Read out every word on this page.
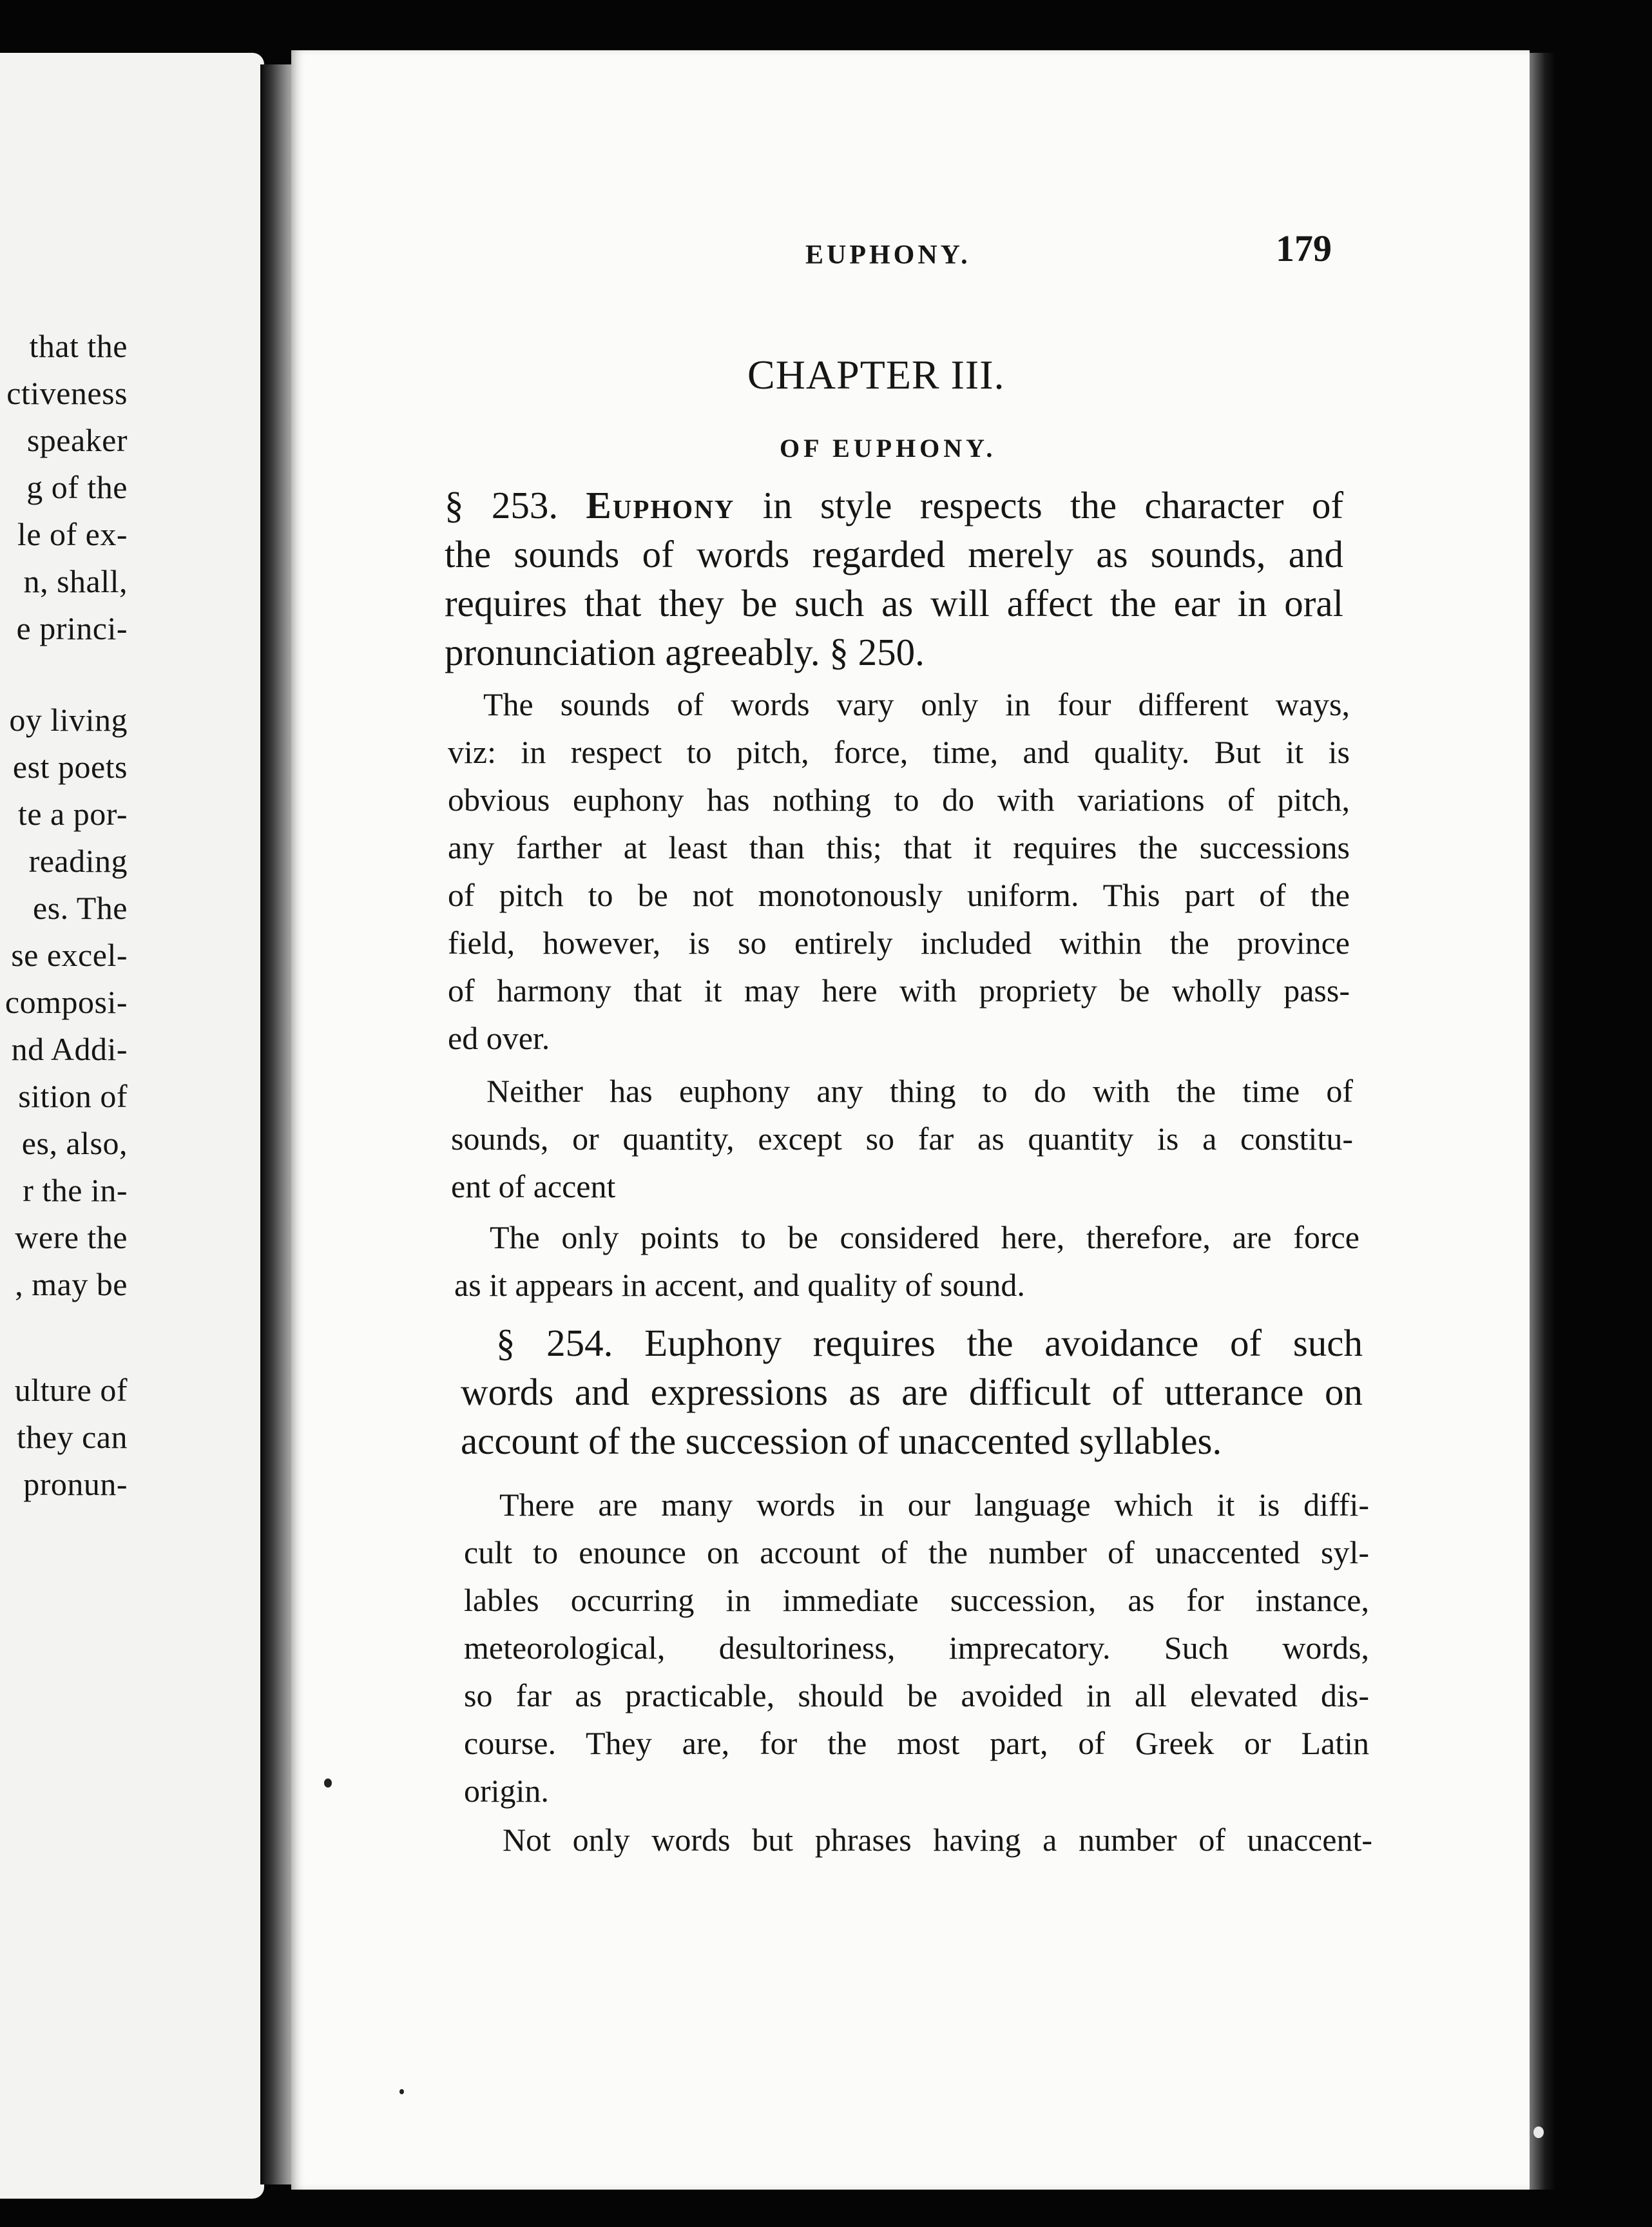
that the

ctiveness

speaker

g of the

le of ex-

n, shall,

e princi-

oy living

est poets

te a por-

reading

es. The

se excel-

composi-

nd Addi-

sition of

es, also,

r the in-

were the

, may be

ulture of

they can

pronun-

EUPHONY.	179

CHAPTER III.
OF EUPHONY.

§ 253. Euphony in style respects the character of

the sounds of words regarded merely as sounds, and

requires that they be such as will affect the ear in oral

pronunciation agreeably. § 250.

The sounds of words vary only in four different ways,

viz: in respect to pitch, force, time, and quality. But it is

obvious euphony has nothing to do with variations of pitch,

any farther at least than this; that it requires the successions

of pitch to be not monotonously uniform. This part of the

field, however, is so entirely included within the province

of harmony that it may here with propriety be wholly pass-

ed over.

Neither has euphony any thing to do with the time of

sounds, or quantity, except so far as quantity is a constitu-

ent of accent

The only points to be considered here, therefore, are force

as it appears in accent, and quality of sound.

§ 254. Euphony requires the avoidance of such

words and expressions as are difficult of utterance on

account of the succession of unaccented syllables.

There are many words in our language which it is diffi-

cult to enounce on account of the number of unaccented syl-

lables occurring in immediate succession, as for instance,

meteorological, desultoriness, imprecatory. Such words,

so far as practicable, should be avoided in all elevated dis-

course. They are, for the most part, of Greek or Latin

origin.

Not only words but phrases having a number of unaccent-
